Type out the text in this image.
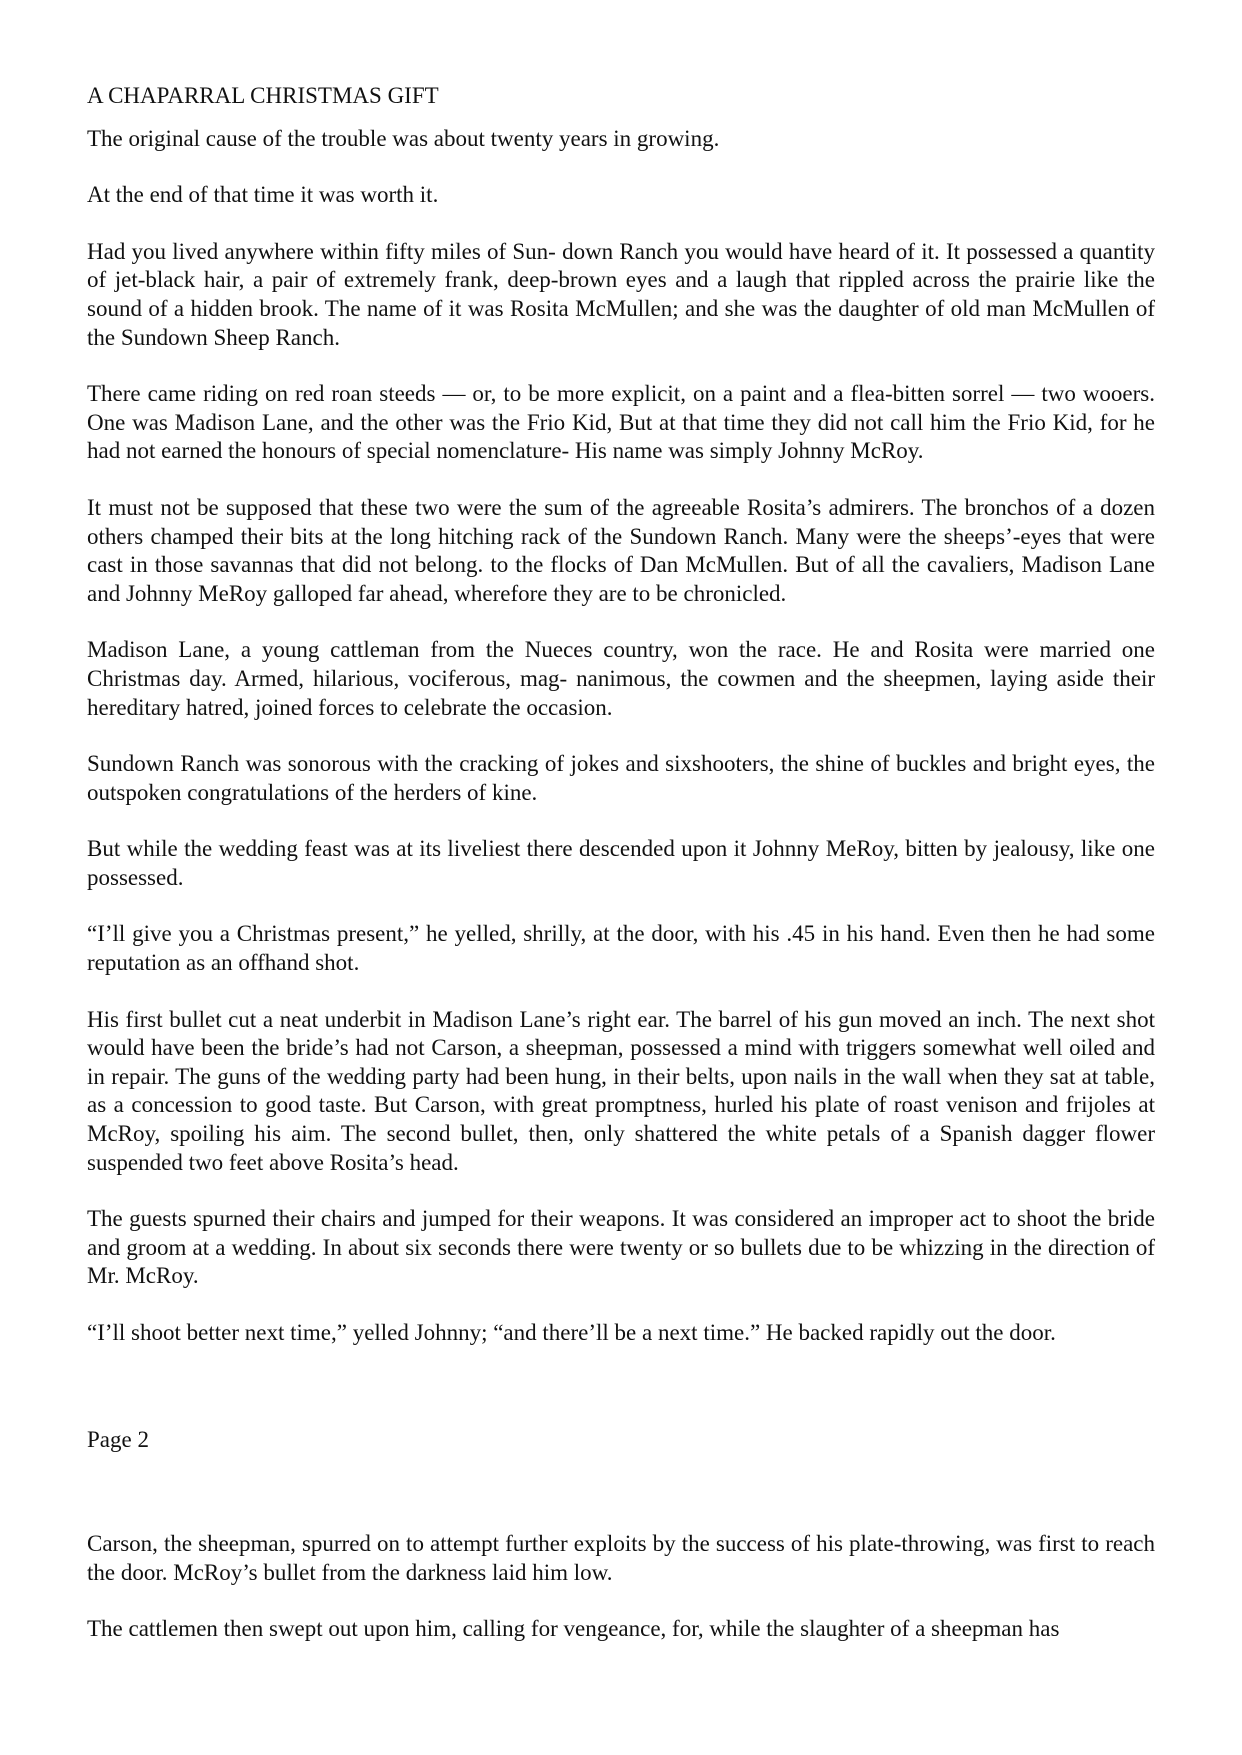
A CHAPARRAL CHRISTMAS GIFT

The original cause of the trouble was about twenty years in growing.

At the end of that time it was worth it.

Had you lived anywhere within fifty miles of Sun- down Ranch you would have heard of it. It possessed a quantity of jet-black hair, a pair of extremely frank, deep-brown eyes and a laugh that rippled across the prairie like the sound of a hidden brook. The name of it was Rosita McMullen; and she was the daughter of old man McMullen of the Sundown Sheep Ranch.

There came riding on red roan steeds — or, to be more explicit, on a paint and a flea-bitten sorrel — two wooers. One was Madison Lane, and the other was the Frio Kid, But at that time they did not call him the Frio Kid, for he had not earned the honours of special nomenclature- His name was simply Johnny McRoy.

It must not be supposed that these two were the sum of the agreeable Rosita’s admirers. The bronchos of a dozen others champed their bits at the long hitching rack of the Sundown Ranch. Many were the sheeps’-eyes that were cast in those savannas that did not belong. to the flocks of Dan McMullen. But of all the cavaliers, Madison Lane and Johnny MeRoy galloped far ahead, wherefore they are to be chronicled.

Madison Lane, a young cattleman from the Nueces country, won the race. He and Rosita were married one Christmas day. Armed, hilarious, vociferous, mag- nanimous, the cowmen and the sheepmen, laying aside their hereditary hatred, joined forces to celebrate the occasion.

Sundown Ranch was sonorous with the cracking of jokes and sixshooters, the shine of buckles and bright eyes, the outspoken congratulations of the herders of kine.

But while the wedding feast was at its liveliest there descended upon it Johnny MeRoy, bitten by jealousy, like one possessed.

“I’ll give you a Christmas present,” he yelled, shrilly, at the door, with his .45 in his hand. Even then he had some reputation as an offhand shot.

His first bullet cut a neat underbit in Madison Lane’s right ear. The barrel of his gun moved an inch. The next shot would have been the bride’s had not Carson, a sheepman, possessed a mind with triggers somewhat well oiled and in repair. The guns of the wedding party had been hung, in their belts, upon nails in the wall when they sat at table, as a concession to good taste. But Carson, with great promptness, hurled his plate of roast venison and frijoles at McRoy, spoiling his aim. The second bullet, then, only shattered the white petals of a Spanish dagger flower suspended two feet above Rosita’s head.

The guests spurned their chairs and jumped for their weapons. It was considered an improper act to shoot the bride and groom at a wedding. In about six seconds there were twenty or so bullets due to be whizzing in the direction of Mr. McRoy.

“I’ll shoot better next time,” yelled Johnny; “and there’ll be a next time.” He backed rapidly out the door.

Page 2

Carson, the sheepman, spurred on to attempt further exploits by the success of his plate-throwing, was first to reach the door. McRoy’s bullet from the darkness laid him low.

The cattlemen then swept out upon him, calling for vengeance, for, while the slaughter of a sheepman has
